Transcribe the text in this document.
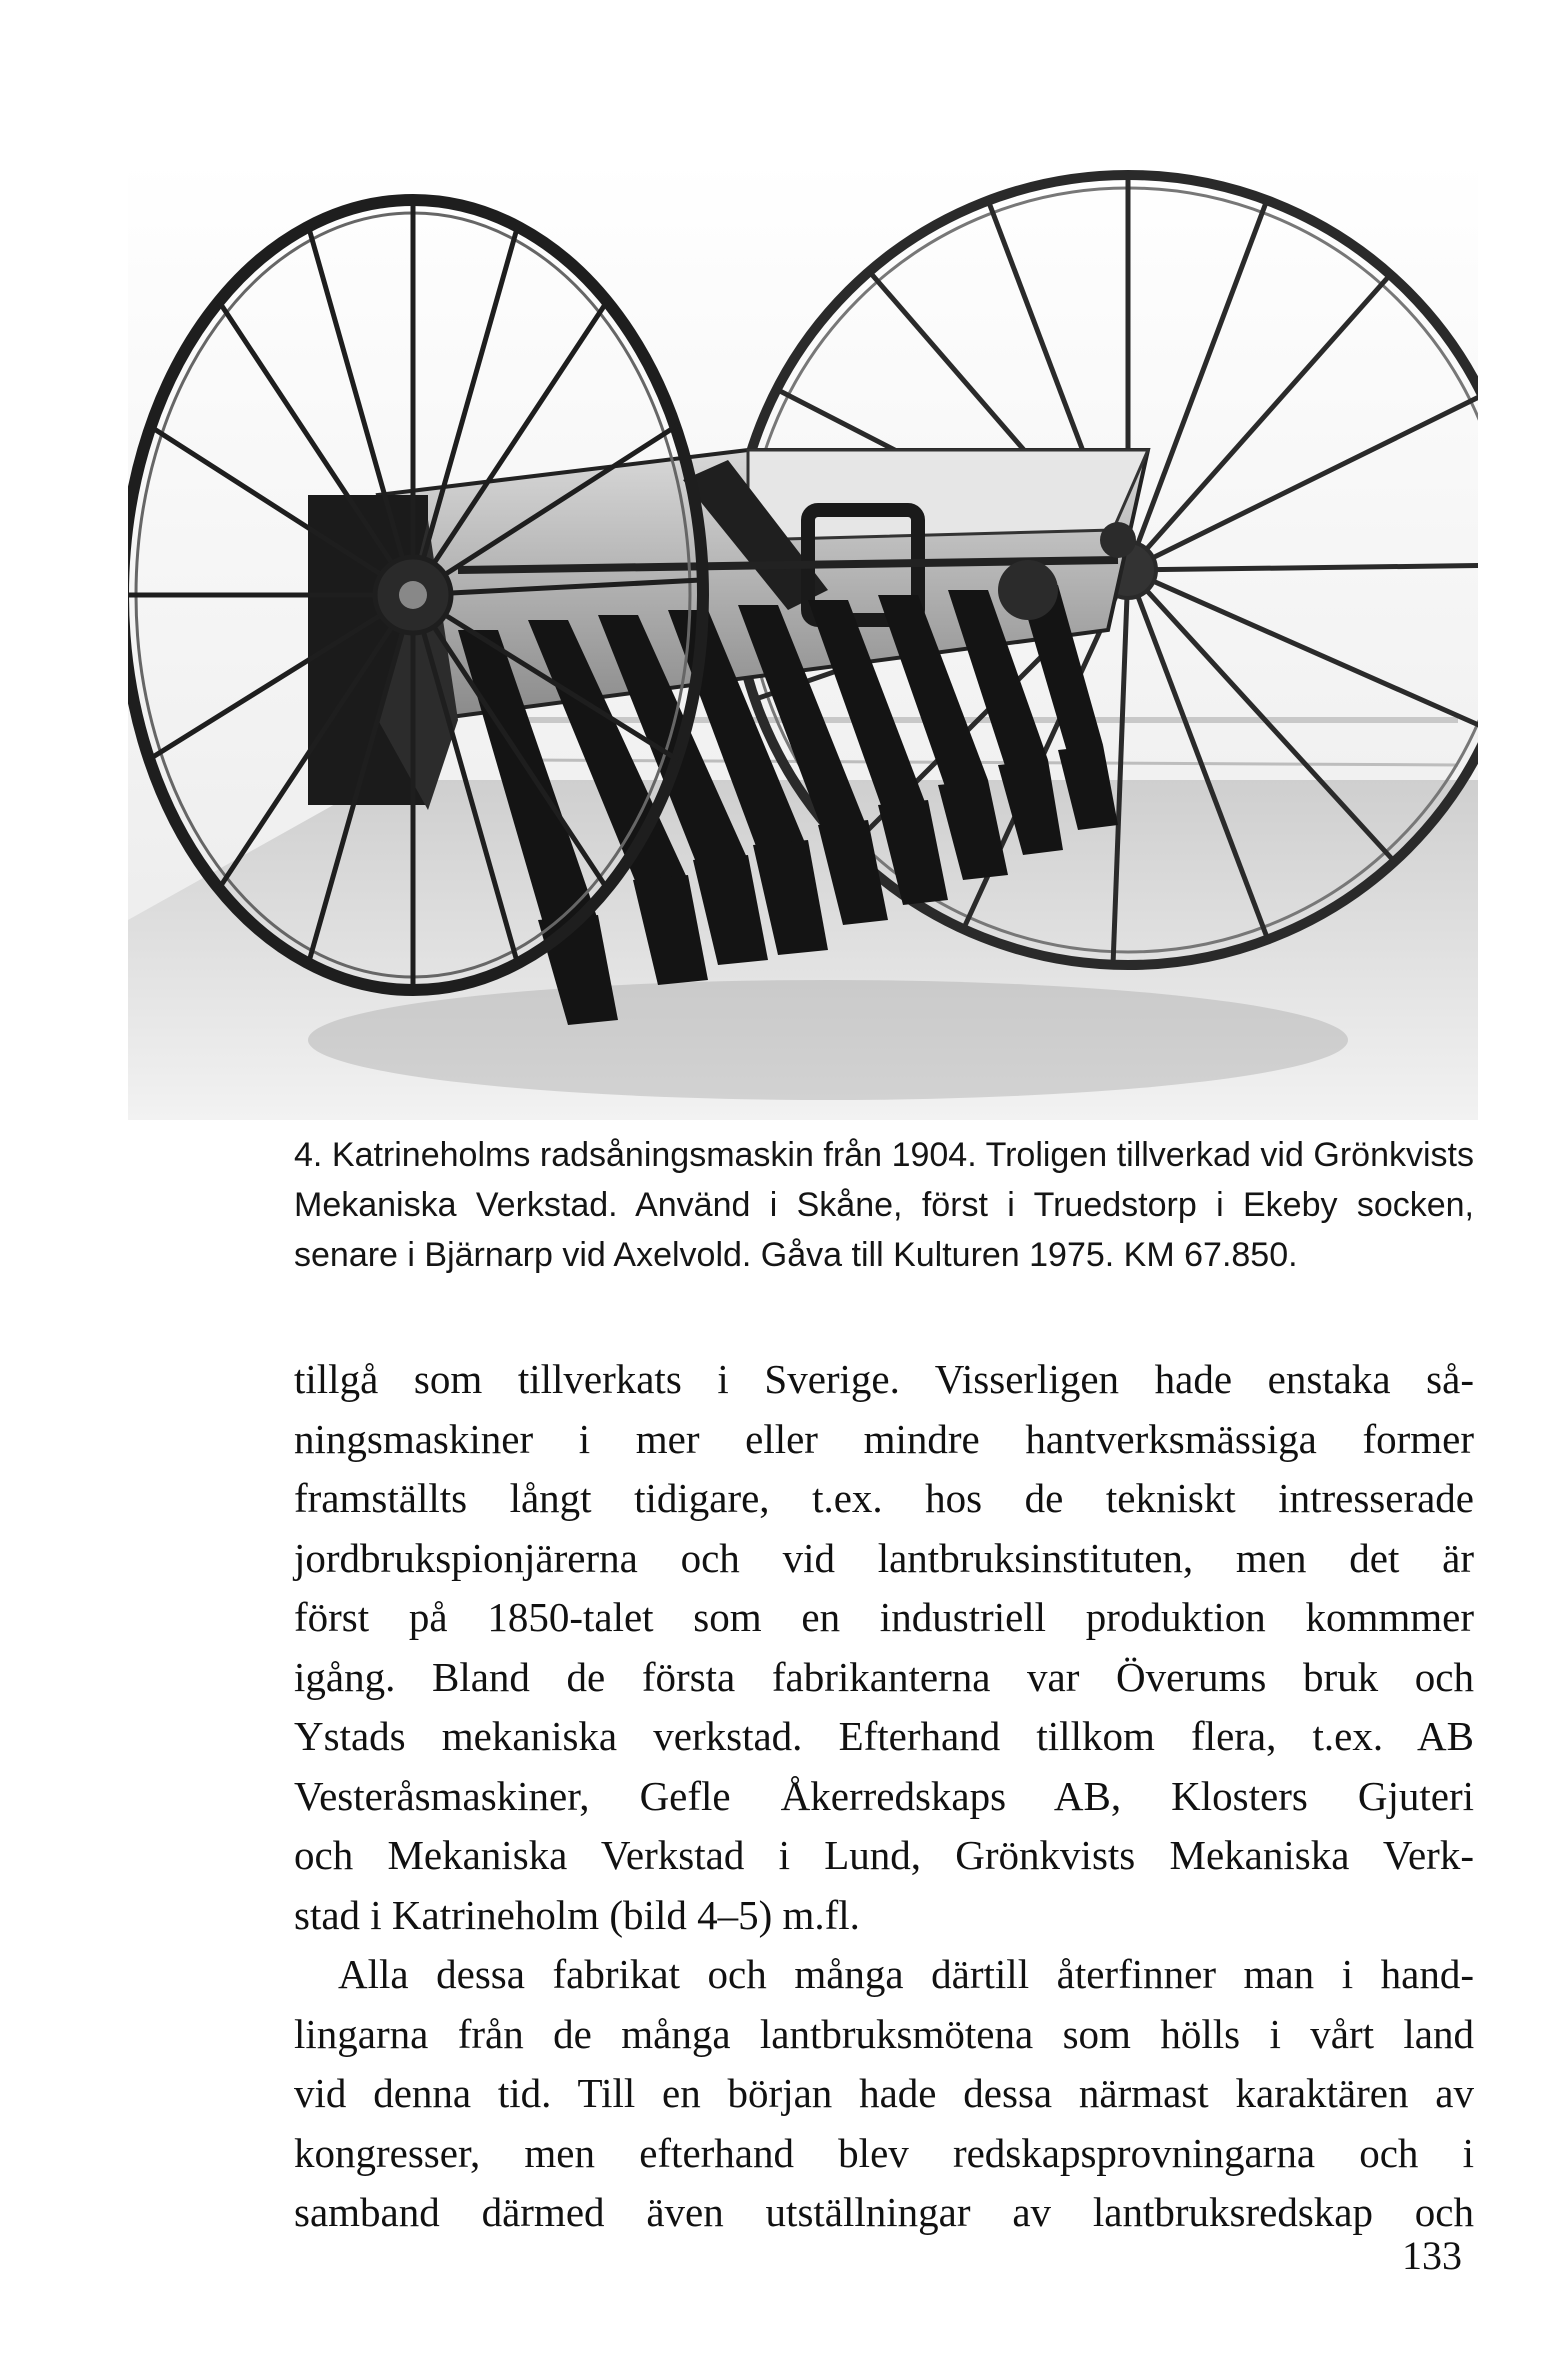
4. Katrineholms radsåningsmaskin från 1904. Troligen tillverkad vid Grönkvists
Mekaniska Verkstad. Använd i Skåne, först i Truedstorp i Ekeby socken,
senare i Bjärnarp vid Axelvold. Gåva till Kulturen 1975. KM 67.850.

tillgå som tillverkats i Sverige. Visserligen hade enstaka så-
ningsmaskiner i mer eller mindre hantverksmässiga former
framställts långt tidigare, t.ex. hos de tekniskt intresserade
jordbrukspionjärerna och vid lantbruksinstituten, men det är
först på 1850-talet som en industriell produktion kommmer
igång. Bland de första fabrikanterna var Överums bruk och
Ystads mekaniska verkstad. Efterhand tillkom flera, t.ex. AB
Vesteråsmaskiner, Gefle Åkerredskaps AB, Klosters Gjuteri
och Mekaniska Verkstad i Lund, Grönkvists Mekaniska Verk-
stad i Katrineholm (bild 4–5) m.fl.

Alla dessa fabrikat och många därtill återfinner man i hand-
lingarna från de många lantbruksmötena som hölls i vårt land
vid denna tid. Till en början hade dessa närmast karaktären av
kongresser, men efterhand blev redskapsprovningarna och i
samband därmed även utställningar av lantbruksredskap och

133
